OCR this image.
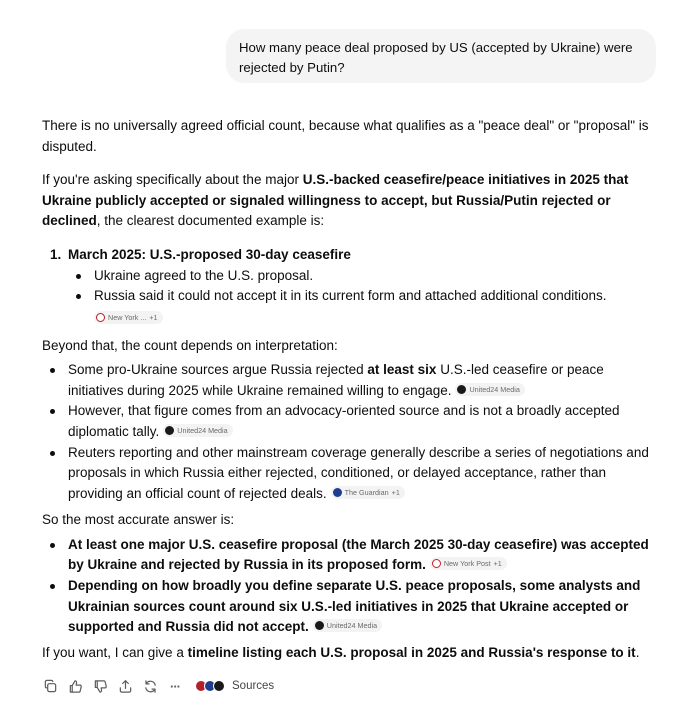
How many peace deal proposed by US (accepted by Ukraine) were rejected by Putin?
There is no universally agreed official count, because what qualifies as a "peace deal" or "proposal" is disputed.
If you're asking specifically about the major U.S.-backed ceasefire/peace initiatives in 2025 that Ukraine publicly accepted or signaled willingness to accept, but Russia/Putin rejected or declined, the clearest documented example is:
1. March 2025: U.S.-proposed 30-day ceasefire
Ukraine agreed to the U.S. proposal.
Russia said it could not accept it in its current form and attached additional conditions.
New York ... +1
Beyond that, the count depends on interpretation:
Some pro-Ukraine sources argue Russia rejected at least six U.S.-led ceasefire or peace initiatives during 2025 while Ukraine remained willing to engage.	United24 Media
However, that figure comes from an advocacy-oriented source and is not a broadly accepted diplomatic tally.	United24 Media
Reuters reporting and other mainstream coverage generally describe a series of negotiations and proposals in which Russia either rejected, conditioned, or delayed acceptance, rather than providing an official count of rejected deals.	The Guardian +1
So the most accurate answer is:
At least one major U.S. ceasefire proposal (the March 2025 30-day ceasefire) was accepted by Ukraine and rejected by Russia in its proposed form.	New York Post +1
Depending on how broadly you define separate U.S. peace proposals, some analysts and Ukrainian sources count around six U.S.-led initiatives in 2025 that Ukraine accepted or supported and Russia did not accept.	United24 Media
If you want, I can give a timeline listing each U.S. proposal in 2025 and Russia's response to it.
···	Sources
